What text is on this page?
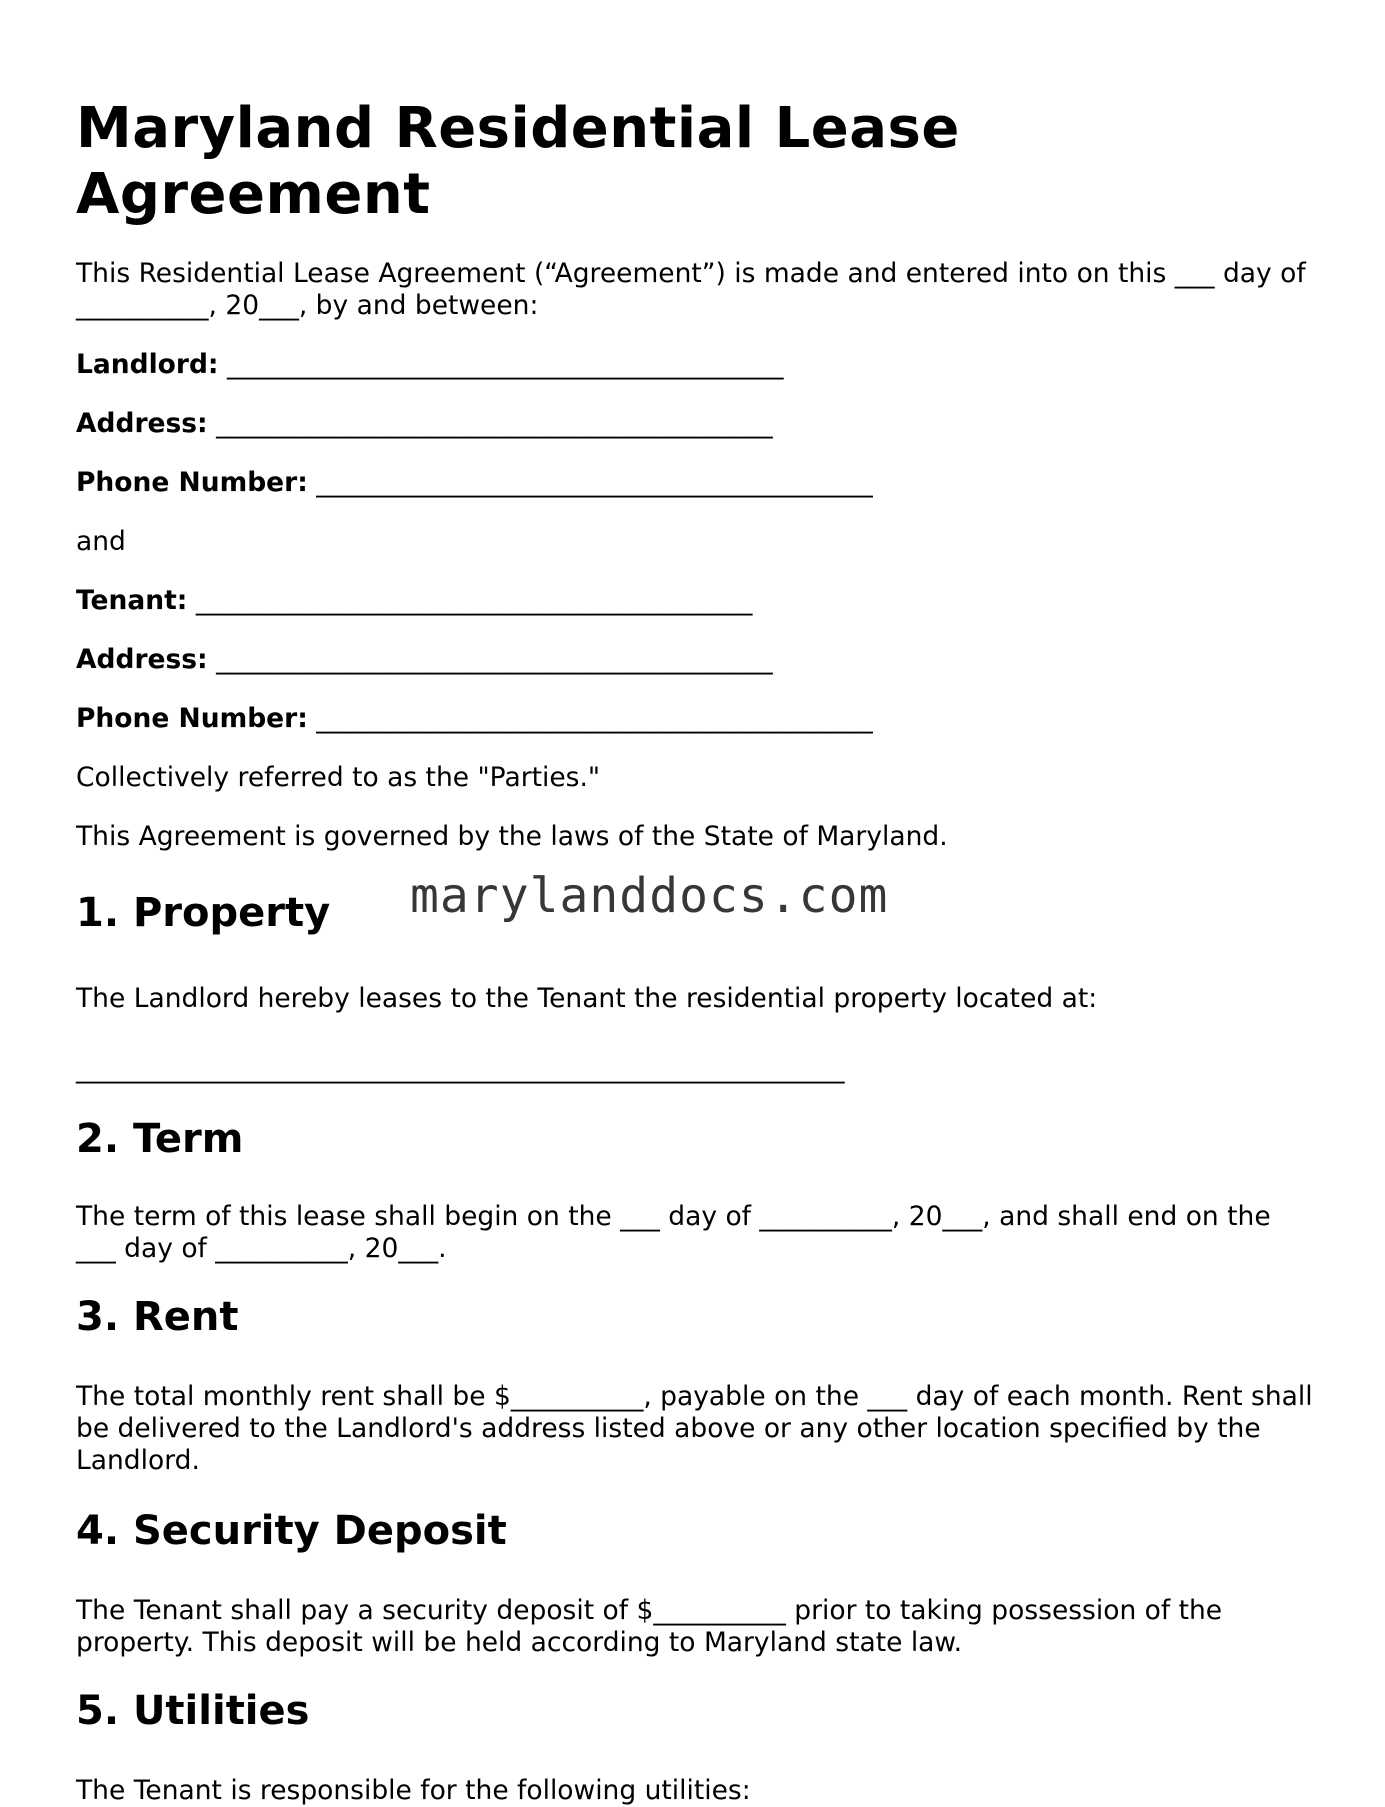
Maryland Residential Lease Agreement

This Residential Lease Agreement (“Agreement”) is made and entered into on this ___ day of __________, 20___, by and between:

Landlord: __________________________________________

Address: __________________________________________

Phone Number: __________________________________________

and

Tenant: __________________________________________

Address: __________________________________________

Phone Number: __________________________________________

Collectively referred to as the "Parties."

This Agreement is governed by the laws of the State of Maryland.

1. Property

The Landlord hereby leases to the Tenant the residential property located at:

__________________________________________________________

2. Term

The term of this lease shall begin on the ___ day of __________, 20___, and shall end on the ___ day of __________, 20___.

3. Rent

The total monthly rent shall be $__________, payable on the ___ day of each month. Rent shall be delivered to the Landlord's address listed above or any other location specified by the Landlord.

4. Security Deposit

The Tenant shall pay a security deposit of $__________ prior to taking possession of the property. This deposit will be held according to Maryland state law.

5. Utilities

The Tenant is responsible for the following utilities:

marylanddocs.com
